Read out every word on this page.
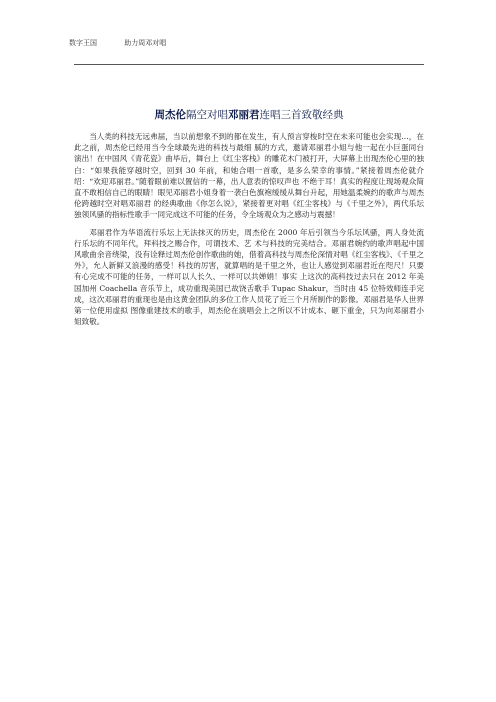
数字王国	助力周邓对唱
周杰伦隔空对唱邓丽君连唱三首致敬经典

当人类的科技无远弗届，当以前想象不到的都在发生，有人预言穿梭时空在未来可能也会实现…，在此之前，周杰伦已经用当今全球最先进的科技与最细 腻的方式，邀请邓丽君小姐与他一起在小巨蛋同台演出！在中国风《青花瓷》曲毕后，舞台上《红尘客栈》的雕花木门被打开，大屏幕上出现杰伦心里的独白：“如果我能穿越时空，回到 30 年前，和她合唱一首歌，是多么荣幸的事情。”紧接着周杰伦就介绍：“欢迎邓丽君。”随着眼前难以置信的一幕，出人意表的惊叹声也 不绝于耳！真实的程度让现场观众简直不敢相信自己的眼睛！眼见邓丽君小姐身着一袭白色旗袍缓缓从舞台升起，用她温柔婉约的歌声与周杰伦跨越时空对唱邓丽君 的经典歌曲《你怎么说》，紧接着更对唱《红尘客栈》与《千里之外》，两代乐坛独领风骚的指标性歌手一同完成这不可能的任务，令全场观众为之感动与震撼！

邓丽君作为华语流行乐坛上无法抹灭的历史，周杰伦在 2000 年后引领当今乐坛风骚，两人身处流行乐坛的不同年代，拜科技之赐合作，可谓技术、艺 术与科技的完美结合。邓丽君婉约的歌声唱起中国风歌曲余音绕梁，没有诠释过周杰伦创作歌曲的她，借着高科技与周杰伦深情对唱《红尘客栈》、《千里之外》，允人新鲜又浪漫的感受！科技的厉害，就算唱的是千里之外，也让人感觉到邓丽君近在咫尺！只要有心完成不可能的任务，一样可以人长久、一样可以共婵娟！事实 上这次的高科技过去只在 2012 年美国加州 Coachella 音乐节上，成功重现美国已故饶舌歌手 Tupac Shakur，当时由 45 位特效师连手完成，这次邓丽君的重现也是由这黄金团队的多位工作人员花了近三个月所制作的影像。邓丽君是华人世界第一位使用虚拟 图像重建技术的歌手，周杰伦在演唱会上之所以不计成本、砸下重金，只为向邓丽君小姐致敬。
